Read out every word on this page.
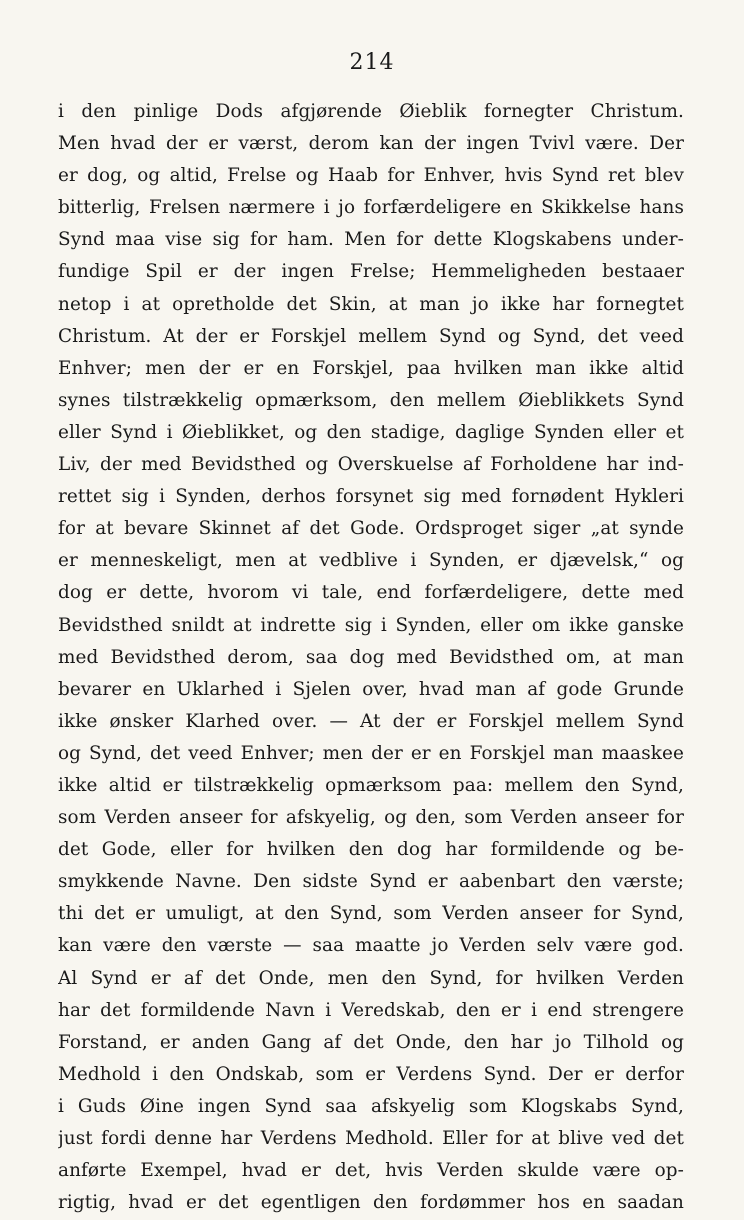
214
i den pinlige Dods afgjørende Øieblik fornegter Christum.
Men hvad der er værst, derom kan der ingen Tvivl være. Der
er dog, og altid, Frelse og Haab for Enhver, hvis Synd ret blev
bitterlig, Frelsen nærmere i jo forfærdeligere en Skikkelse hans
Synd maa vise sig for ham. Men for dette Klogskabens under-
fundige Spil er der ingen Frelse; Hemmeligheden bestaaer
netop i at opretholde det Skin, at man jo ikke har fornegtet
Christum. At der er Forskjel mellem Synd og Synd, det veed
Enhver; men der er en Forskjel, paa hvilken man ikke altid
synes tilstrækkelig opmærksom, den mellem Øieblikkets Synd
eller Synd i Øieblikket, og den stadige, daglige Synden eller et
Liv, der med Bevidsthed og Overskuelse af Forholdene har ind-
rettet sig i Synden, derhos forsynet sig med fornødent Hykleri
for at bevare Skinnet af det Gode. Ordsproget siger „at synde
er menneskeligt, men at vedblive i Synden, er djævelsk,“ og
dog er dette, hvorom vi tale, end forfærdeligere, dette med
Bevidsthed snildt at indrette sig i Synden, eller om ikke ganske
med Bevidsthed derom, saa dog med Bevidsthed om, at man
bevarer en Uklarhed i Sjelen over, hvad man af gode Grunde
ikke ønsker Klarhed over. — At der er Forskjel mellem Synd
og Synd, det veed Enhver; men der er en Forskjel man maaskee
ikke altid er tilstrækkelig opmærksom paa: mellem den Synd,
som Verden anseer for afskyelig, og den, som Verden anseer for
det Gode, eller for hvilken den dog har formildende og be-
smykkende Navne. Den sidste Synd er aabenbart den værste;
thi det er umuligt, at den Synd, som Verden anseer for Synd,
kan være den værste — saa maatte jo Verden selv være god.
Al Synd er af det Onde, men den Synd, for hvilken Verden
har det formildende Navn i Veredskab, den er i end strengere
Forstand, er anden Gang af det Onde, den har jo Tilhold og
Medhold i den Ondskab, som er Verdens Synd. Der er derfor
i Guds Øine ingen Synd saa afskyelig som Klogskabs Synd,
just fordi denne har Verdens Medhold. Eller for at blive ved det
anførte Exempel, hvad er det, hvis Verden skulde være op-
rigtig, hvad er det egentligen den fordømmer hos en saadan
